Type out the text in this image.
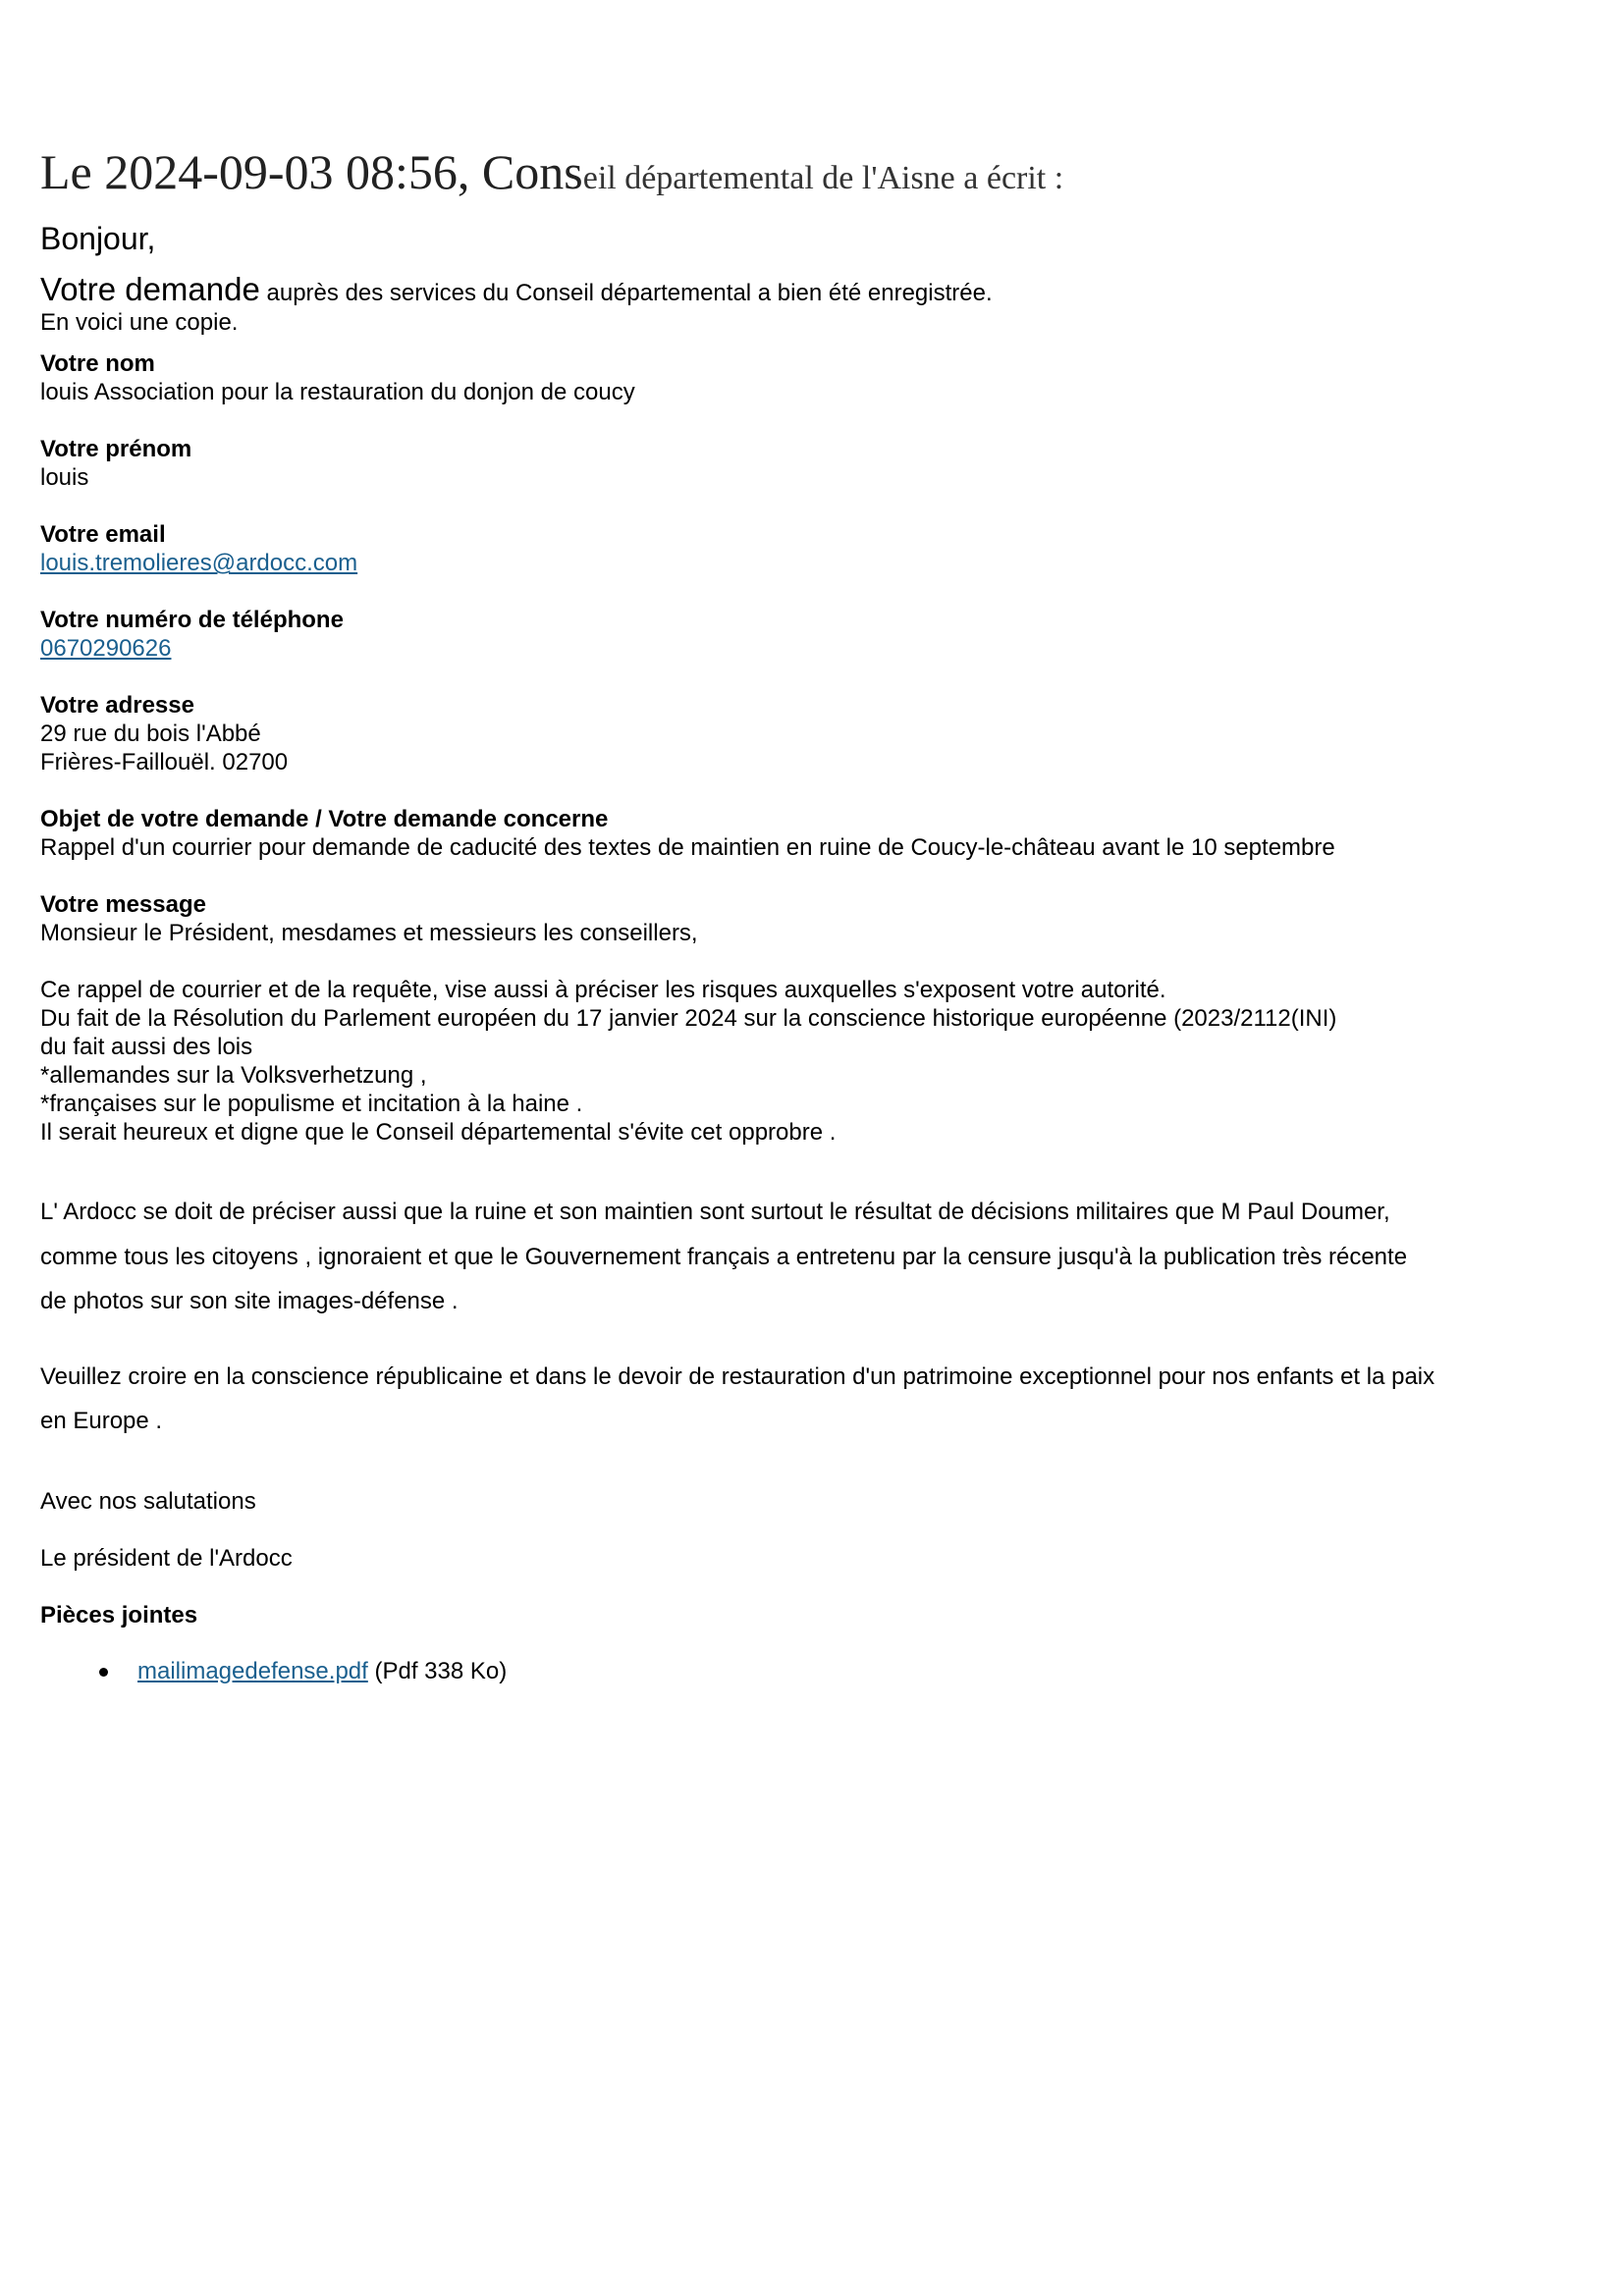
Le 2024-09-03 08:56, Conseil départemental de l'Aisne a écrit :
Bonjour,
Votre demande auprès des services du Conseil départemental a bien été enregistrée.
En voici une copie.
Votre nom
louis Association pour la restauration du donjon de coucy
Votre prénom
louis
Votre email
louis.tremolieres@ardocc.com
Votre numéro de téléphone
0670290626
Votre adresse
29 rue du bois l'Abbé
Frières-Faillouël. 02700
Objet de votre demande / Votre demande concerne
Rappel d'un courrier pour demande de caducité des textes de maintien en ruine de Coucy-le-château avant le 10 septembre
Votre message
Monsieur le Président, mesdames et messieurs les conseillers,
Ce rappel de courrier et de la requête, vise aussi à préciser les risques auxquelles s'exposent votre autorité.
Du fait de la Résolution du Parlement européen du 17 janvier 2024 sur la conscience historique européenne (2023/2112(INI)
du fait aussi des lois
*allemandes sur la Volksverhetzung ,
*françaises sur le populisme et incitation à la haine .
Il serait heureux et digne que le Conseil départemental s'évite cet opprobre .
L' Ardocc se doit de préciser aussi que la ruine et son maintien sont surtout le résultat de décisions militaires que M Paul Doumer,
comme tous les citoyens , ignoraient et que le Gouvernement français a entretenu par la censure jusqu'à la publication très récente
de photos sur son site images-défense .
Veuillez croire en la conscience républicaine et dans le devoir de restauration d'un patrimoine exceptionnel pour nos enfants et la paix
en Europe .
Avec nos salutations
Le président de l'Ardocc
Pièces jointes
mailimagedefense.pdf (Pdf 338 Ko)
